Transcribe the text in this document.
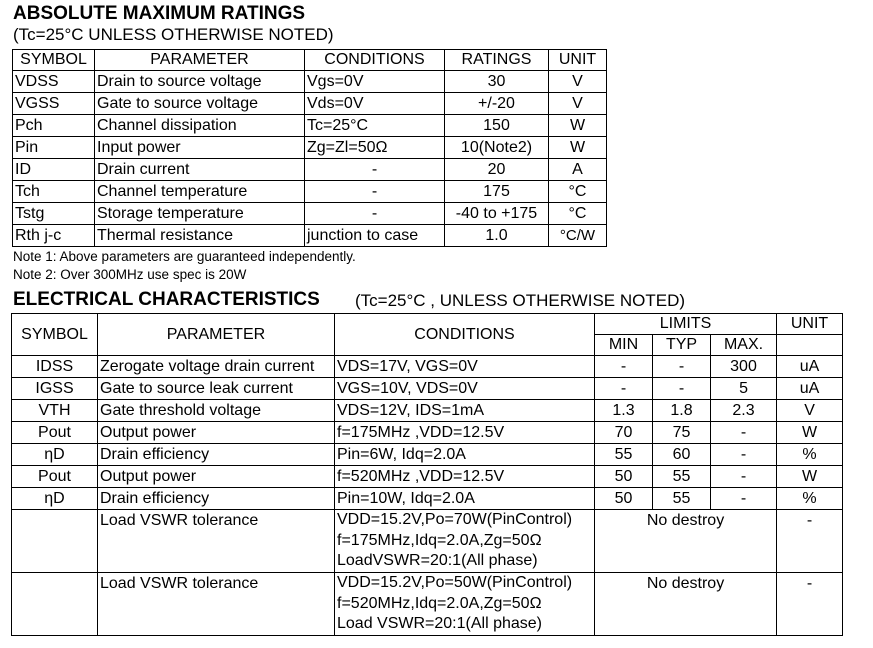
ABSOLUTE MAXIMUM RATINGS
(Tc=25°C UNLESS OTHERWISE NOTED)
SYMBOL	PARAMETER	CONDITIONS	RATINGS	UNIT
VDSS	Drain to source voltage	Vgs=0V	30	V
VGSS	Gate to source voltage	Vds=0V	+/-20	V
Pch	Channel dissipation	Tc=25°C	150	W
Pin	Input power	Zg=Zl=50Ω	10(Note2)	W
ID	Drain current	-	20	A
Tch	Channel temperature	-	175	°C
Tstg	Storage temperature	-	-40 to +175	°C
Rth j-c	Thermal resistance	junction to case	1.0	°C/W
Note 1: Above parameters are guaranteed independently.
Note 2: Over 300MHz use spec is 20W
ELECTRICAL CHARACTERISTICS (Tc=25°C , UNLESS OTHERWISE NOTED)
SYMBOL	PARAMETER	CONDITIONS	LIMITS			UNIT
			MIN	TYP	MAX.	
IDSS	Zerogate voltage drain current	VDS=17V, VGS=0V	-	-	300	uA
IGSS	Gate to source leak current	VGS=10V, VDS=0V	-	-	5	uA
VTH	Gate threshold voltage	VDS=12V, IDS=1mA	1.3	1.8	2.3	V
Pout	Output power	f=175MHz ,VDD=12.5V	70	75	-	W
ηD	Drain efficiency	Pin=6W, Idq=2.0A	55	60	-	%
Pout	Output power	f=520MHz ,VDD=12.5V	50	55	-	W
ηD	Drain efficiency	Pin=10W, Idq=2.0A	50	55	-	%
	Load VSWR tolerance	VDD=15.2V,Po=70W(PinControl)
f=175MHz,Idq=2.0A,Zg=50Ω
LoadVSWR=20:1(All phase)	No destroy			-
	Load VSWR tolerance	VDD=15.2V,Po=50W(PinControl)
f=520MHz,Idq=2.0A,Zg=50Ω
Load VSWR=20:1(All phase)	No destroy			-
